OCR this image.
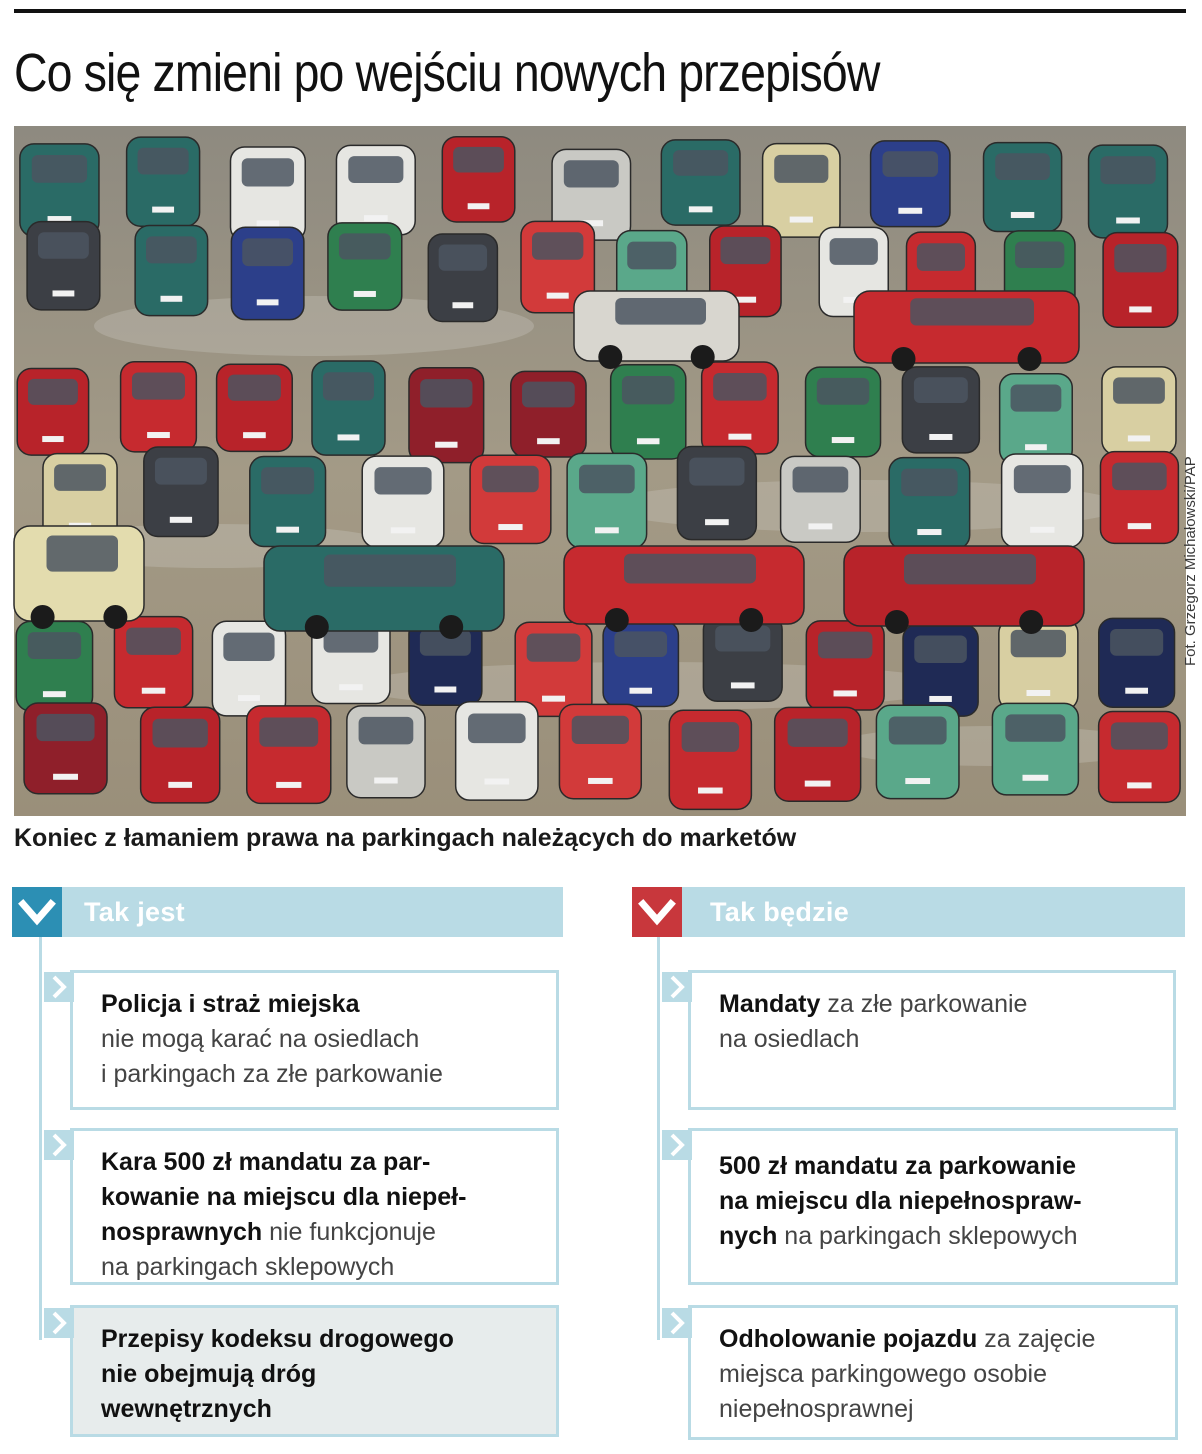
Co się zmieni po wejściu nowych przepisów
Fot. Grzegorz Michałowski/PAP
Koniec z łamaniem prawa na parkingach należących do marketów
Tak jest
Policja i straż miejska
nie mogą karać na osiedlach
i parkingach za złe parkowanie
Kara 500 zł mandatu za par-
kowanie na miejscu dla niepeł-
nosprawnych nie funkcjonuje
na parkingach sklepowych
Przepisy kodeksu drogowego
nie obejmują dróg
wewnętrznych
Tak będzie
Mandaty za złe parkowanie
na osiedlach
500 zł mandatu za parkowanie
na miejscu dla niepełnospraw-
nych na parkingach sklepowych
Odholowanie pojazdu za zajęcie
miejsca parkingowego osobie
niepełnosprawnej
